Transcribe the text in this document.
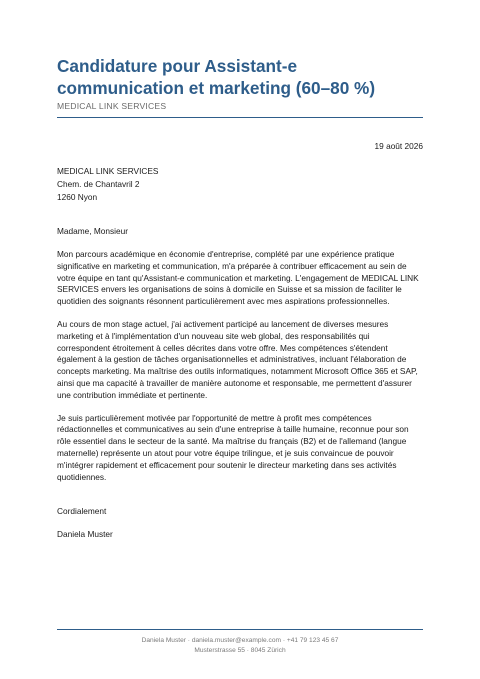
Candidature pour Assistant-e communication et marketing (60–80 %)
MEDICAL LINK SERVICES
19 août 2026
MEDICAL LINK SERVICES
Chem. de Chantavril 2
1260 Nyon
Madame, Monsieur

Mon parcours académique en économie d'entreprise, complété par une expérience pratique significative en marketing et communication, m'a préparée à contribuer efficacement au sein de votre équipe en tant qu'Assistant-e communication et marketing. L'engagement de MEDICAL LINK SERVICES envers les organisations de soins à domicile en Suisse et sa mission de faciliter le quotidien des soignants résonnent particulièrement avec mes aspirations professionnelles.

Au cours de mon stage actuel, j'ai activement participé au lancement de diverses mesures marketing et à l'implémentation d'un nouveau site web global, des responsabilités qui correspondent étroitement à celles décrites dans votre offre. Mes compétences s'étendent également à la gestion de tâches organisationnelles et administratives, incluant l'élaboration de concepts marketing. Ma maîtrise des outils informatiques, notamment Microsoft Office 365 et SAP, ainsi que ma capacité à travailler de manière autonome et responsable, me permettent d'assurer une contribution immédiate et pertinente.

Je suis particulièrement motivée par l'opportunité de mettre à profit mes compétences rédactionnelles et communicatives au sein d'une entreprise à taille humaine, reconnue pour son rôle essentiel dans le secteur de la santé. Ma maîtrise du français (B2) et de l'allemand (langue maternelle) représente un atout pour votre équipe trilingue, et je suis convaincue de pouvoir m'intégrer rapidement et efficacement pour soutenir le directeur marketing dans ses activités quotidiennes.

Cordialement
Daniela Muster
Daniela Muster · daniela.muster@example.com · +41 79 123 45 67
Musterstrasse 55 · 8045 Zürich
